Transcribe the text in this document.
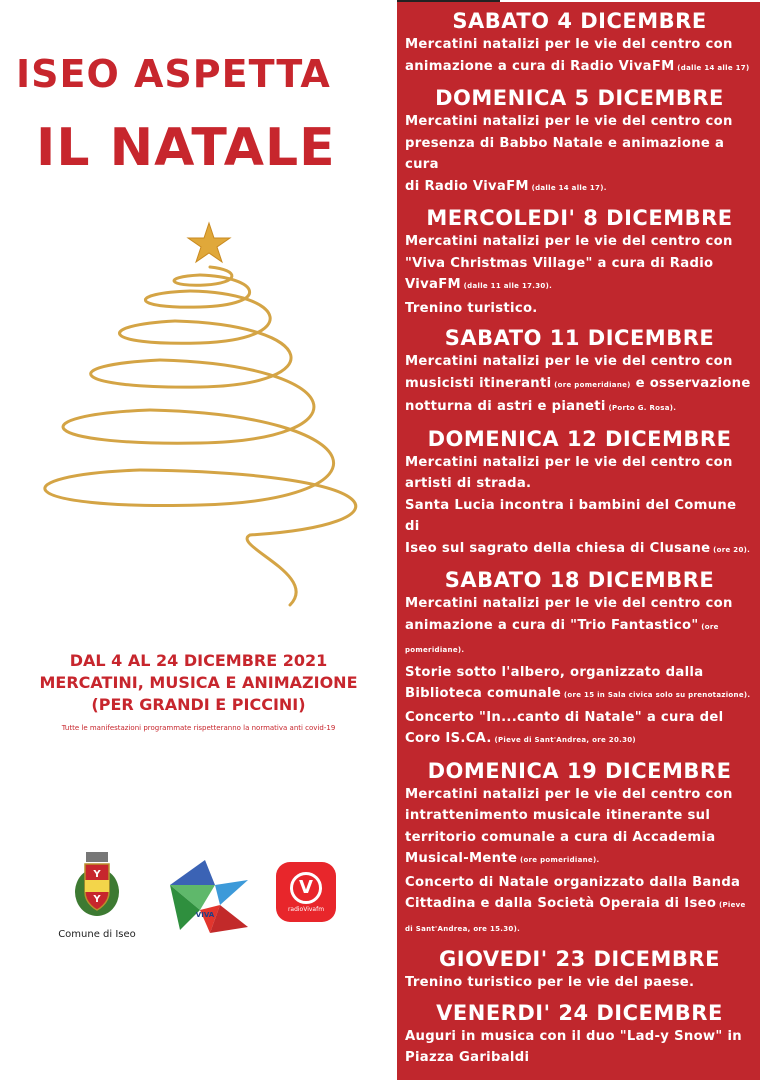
ISEO ASPETTA
IL NATALE
DAL 4 AL 24 DICEMBRE 2021
MERCATINI, MUSICA E ANIMAZIONE
(PER GRANDI E PICCINI)
Tutte le manifestazioni programmate rispetteranno la normativa anti covid-19
Y
Y
Comune di Iseo
VIVA
V
radioVivafm
SABATO 4 DICEMBRE
Mercatini natalizi per le vie del centro con
animazione a cura di Radio VivaFM (dalle 14 alle 17)
DOMENICA 5 DICEMBRE
Mercatini natalizi per le vie del centro con
presenza di Babbo Natale e animazione a cura
di Radio VivaFM (dalle 14 alle 17).
MERCOLEDI' 8 DICEMBRE
Mercatini natalizi per le vie del centro con
"Viva Christmas Village" a cura di Radio
VivaFM (dalle 11 alle 17.30).
Trenino turistico.
SABATO 11 DICEMBRE
Mercatini natalizi per le vie del centro con
musicisti itineranti (ore pomeridiane) e osservazione
notturna di astri e pianeti (Porto G. Rosa).
DOMENICA 12 DICEMBRE
Mercatini natalizi per le vie del centro con
artisti di strada.
Santa Lucia incontra i bambini del Comune di
Iseo sul sagrato della chiesa di Clusane (ore 20).
SABATO 18 DICEMBRE
Mercatini natalizi per le vie del centro con
animazione a cura di "Trio Fantastico" (ore
pomeridiane).
Storie sotto l'albero, organizzato dalla
Biblioteca comunale (ore 15 in Sala civica solo su prenotazione).
Concerto "In...canto di Natale" a cura del
Coro IS.CA. (Pieve di Sant'Andrea, ore 20.30)
DOMENICA 19 DICEMBRE
Mercatini natalizi per le vie del centro con
intrattenimento musicale itinerante sul
territorio comunale a cura di Accademia
Musical-Mente (ore pomeridiane).
Concerto di Natale organizzato dalla Banda
Cittadina e dalla Società Operaia di Iseo (Pieve
di Sant'Andrea, ore 15.30).
GIOVEDI' 23 DICEMBRE
Trenino turistico per le vie del paese.
VENERDI' 24 DICEMBRE
Auguri in musica con il duo "Lad-y Snow" in
Piazza Garibaldi
